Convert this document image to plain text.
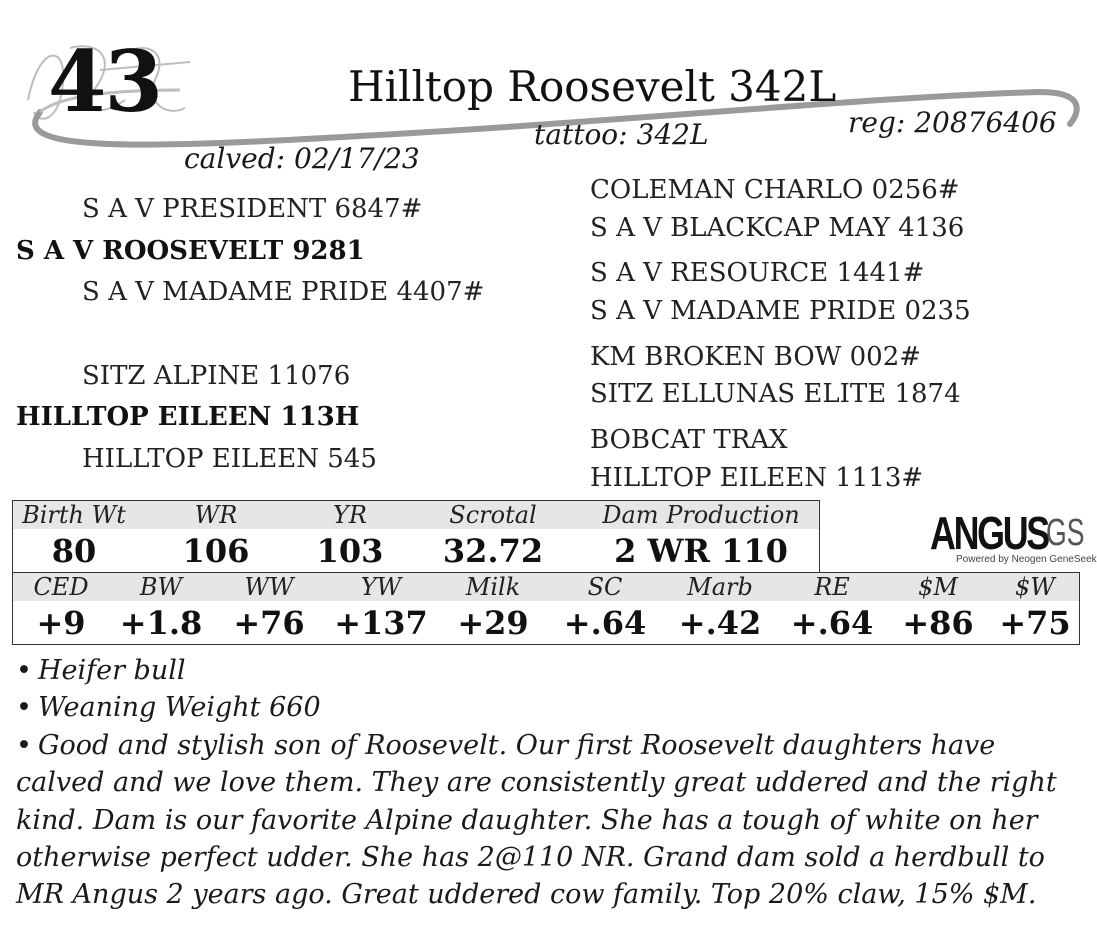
43	Hilltop Roosevelt 342L
tattoo: 342L	reg: 20876406
calved: 02/17/23
S A V PRESIDENT 6847#
S A V ROOSEVELT 9281
S A V MADAME PRIDE 4407#
SITZ ALPINE 11076
HILLTOP EILEEN 113H
HILLTOP EILEEN 545
COLEMAN CHARLO 0256#
S A V BLACKCAP MAY 4136
S A V RESOURCE 1441#
S A V MADAME PRIDE 0235
KM BROKEN BOW 002#
SITZ ELLUNAS ELITE 1874
BOBCAT TRAX
HILLTOP EILEEN 1113#
Birth Wt	WR	YR	Scrotal	Dam Production
80	106	103	32.72	2 WR 110	ANGUS
GS
Powered by Neogen GeneSeek
CED	BW	WW	YW	Milk	SC	Marb	RE	$M	$W
+9	+1.8	+76	+137	+29	+.64	+.42	+.64	+86	+75

• Heifer bull

• Weaning Weight 660

• Good and stylish son of Roosevelt. Our first Roosevelt daughters have

calved and we love them. They are consistently great uddered and the right

kind. Dam is our favorite Alpine daughter. She has a tough of white on her

otherwise perfect udder. She has 2@110 NR. Grand dam sold a herdbull to

MR Angus 2 years ago. Great uddered cow family. Top 20% claw, 15% $M.
